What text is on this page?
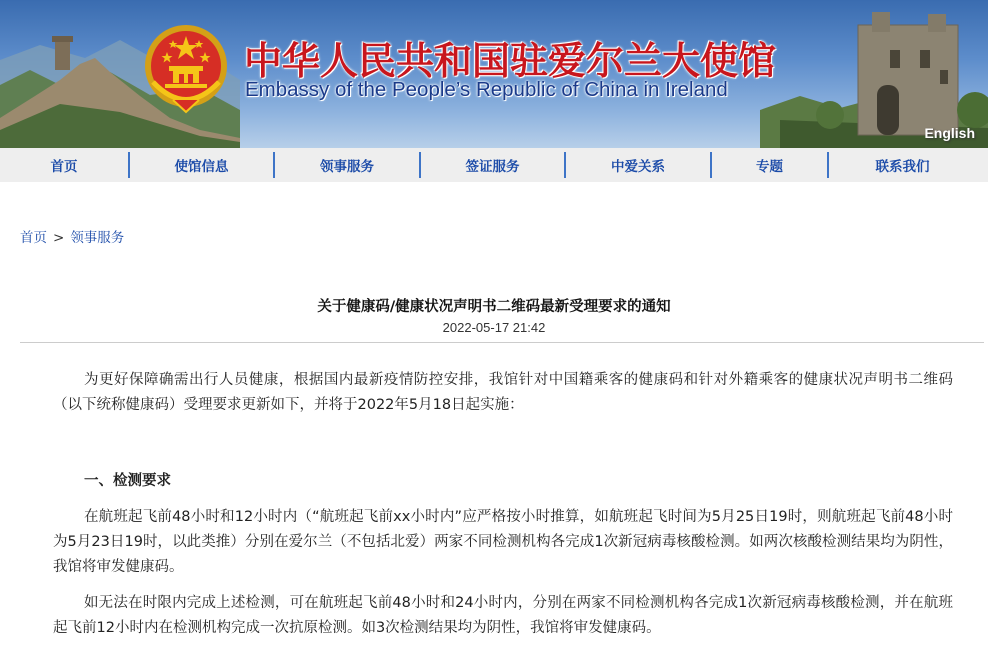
中华人民共和国驻爱尔兰大使馆
Embassy of the People’s Republic of China in Ireland
English
首页	使馆信息	领事服务	签证服务	中爱关系	专题	联系我们
首页 > 领事服务
关于健康码/健康状况声明书二维码最新受理要求的通知
2022-05-17 21:42

为更好保障确需出行人员健康，根据国内最新疫情防控安排，我馆针对中国籍乘客的健康码和针对外籍乘客的健康状况声明书二维码（以下统称健康码）受理要求更新如下，并将于2022年5月18日起实施：

一、检测要求

在航班起飞前48小时和12小时内（“航班起飞前xx小时内”应严格按小时推算，如航班起飞时间为5月25日19时，则航班起飞前48小时为5月23日19时，以此类推）分别在爱尔兰（不包括北爱）两家不同检测机构各完成1次新冠病毒核酸检测。如两次核酸检测结果均为阴性，我馆将审发健康码。

如无法在时限内完成上述检测，可在航班起飞前48小时和24小时内，分别在两家不同检测机构各完成1次新冠病毒核酸检测，并在航班起飞前12小时内在检测机构完成一次抗原检测。如3次检测结果均为阴性，我馆将审发健康码。
